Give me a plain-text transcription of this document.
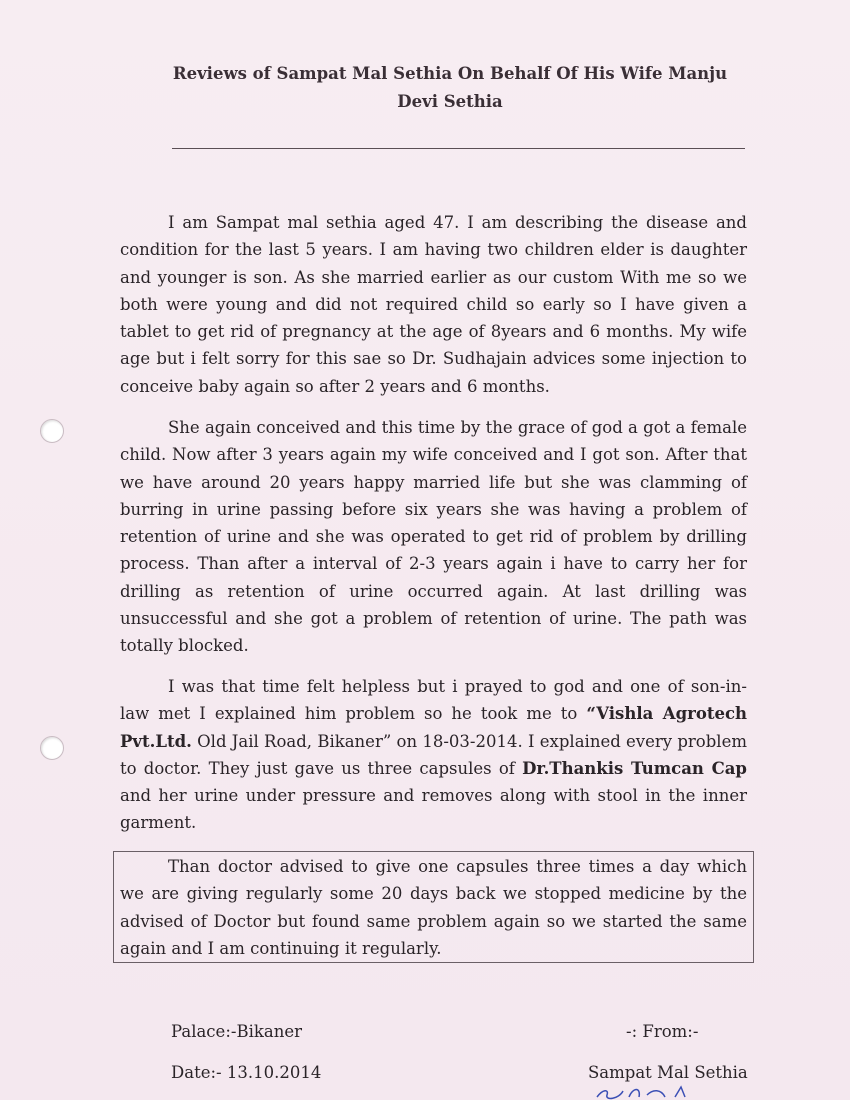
Reviews of Sampat Mal Sethia On Behalf Of His Wife Manju Devi Sethia

I am Sampat mal sethia aged 47. I am describing the disease and condition for the last 5 years. I am having two children elder is daughter and younger is son. As she married earlier as our custom With me so we both were young and did not required child so early so I have given a tablet to get rid of pregnancy at the age of 8years and 6 months. My wife age but i felt sorry for this sae so Dr. Sudhajain advices some injection to conceive baby again so after 2 years and 6 months.

She again conceived and this time by the grace of god a got a female child. Now after 3 years again my wife conceived and I got son. After that we have around 20 years happy married life but she was clamming of burring in urine passing before six years she was having a problem of retention of urine and she was operated to get rid of problem by drilling process. Than after a interval of 2-3 years again i have to carry her for drilling as retention of urine occurred again. At last drilling was unsuccessful and she got a problem of retention of urine. The path was totally blocked.

I was that time felt helpless but i prayed to god and one of son-in-law met I explained him problem so he took me to “Vishla Agrotech Pvt.Ltd. Old Jail Road, Bikaner” on 18-03-2014. I explained every problem to doctor. They just gave us three capsules of Dr.Thankis Tumcan Cap and her urine under pressure and removes along with stool in the inner garment.

Than doctor advised to give one capsules three times a day which we are giving regularly some 20 days back we stopped medicine by the advised of Doctor but found same problem again so we started the same again and I am continuing it regularly.

Palace:-Bikaner
Date:- 13.10.2014
-: From:-
Sampat Mal Sethia
